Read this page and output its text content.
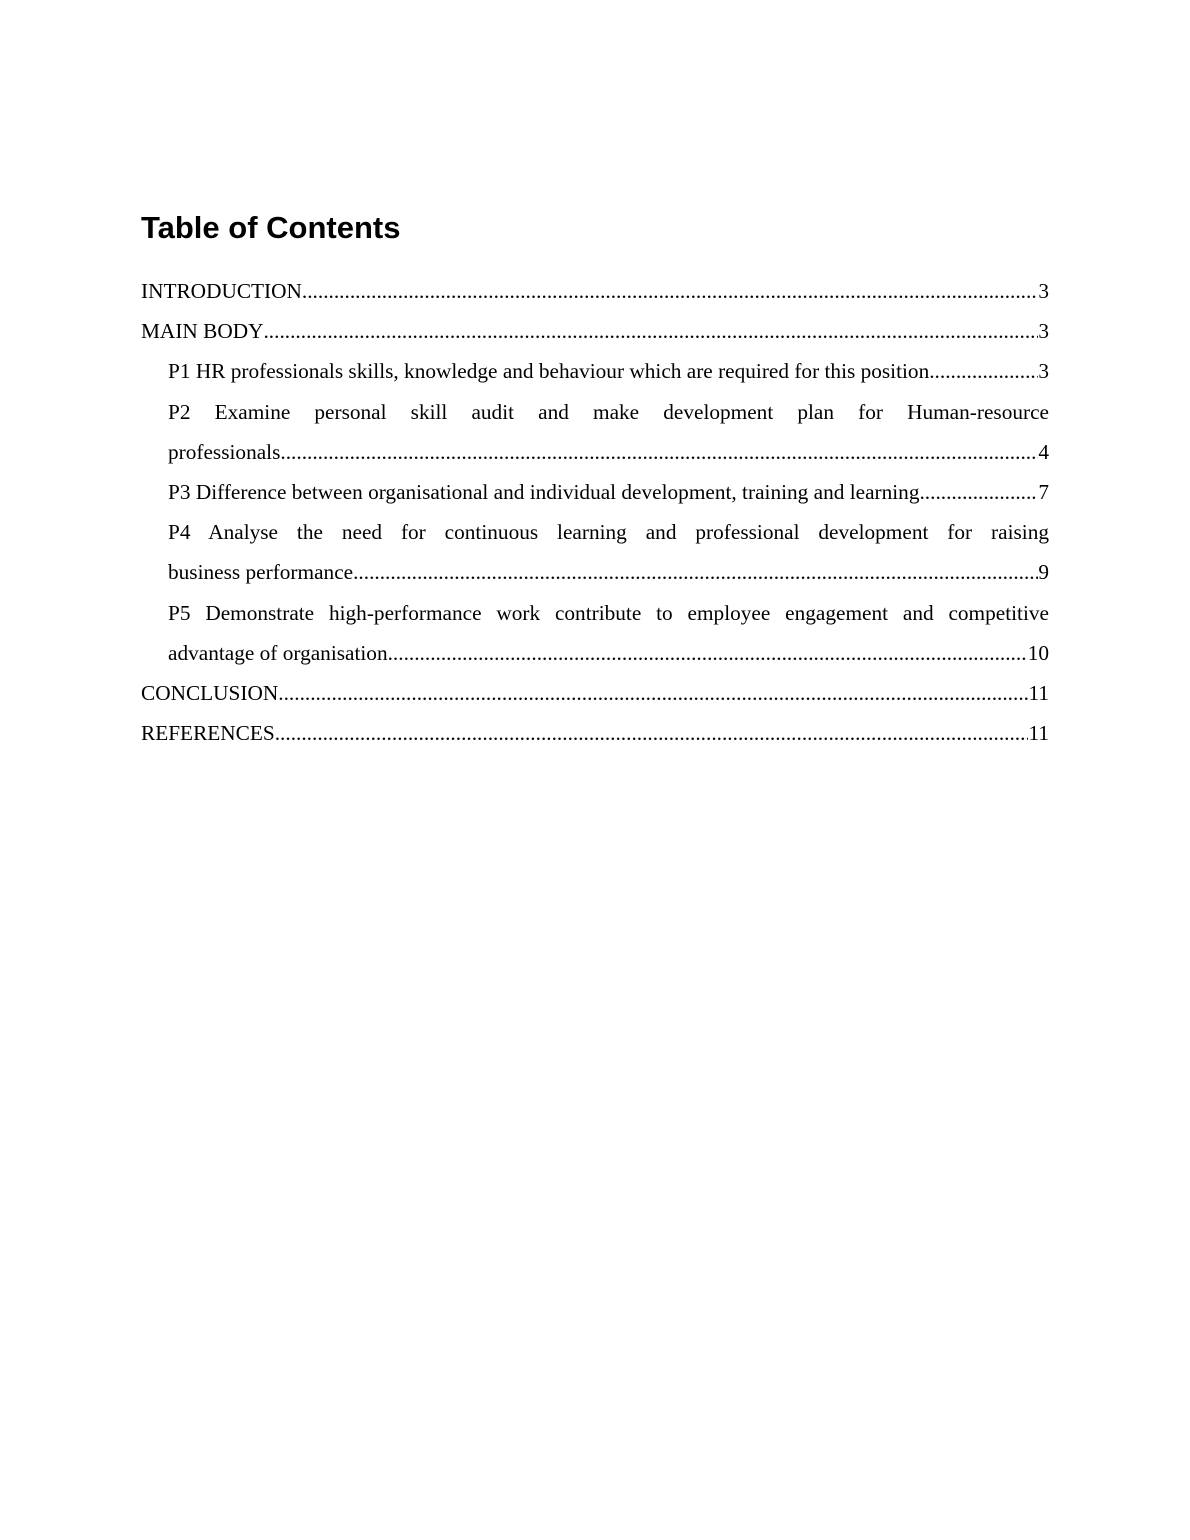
Table of Contents
INTRODUCTION .....	3
MAIN BODY .....	3
P1 HR professionals skills, knowledge and behaviour which are required for this position .....	3
P2 Examine personal skill audit and make development plan for Human-resource
professionals .....	4
P3 Difference between organisational and individual development, training and learning .....	7
P4 Analyse the need for continuous learning and professional development for raising
business performance .....	9
P5 Demonstrate high-performance work contribute to employee engagement and competitive
advantage of organisation .....	10
CONCLUSION .....	11
REFERENCES .....	11
